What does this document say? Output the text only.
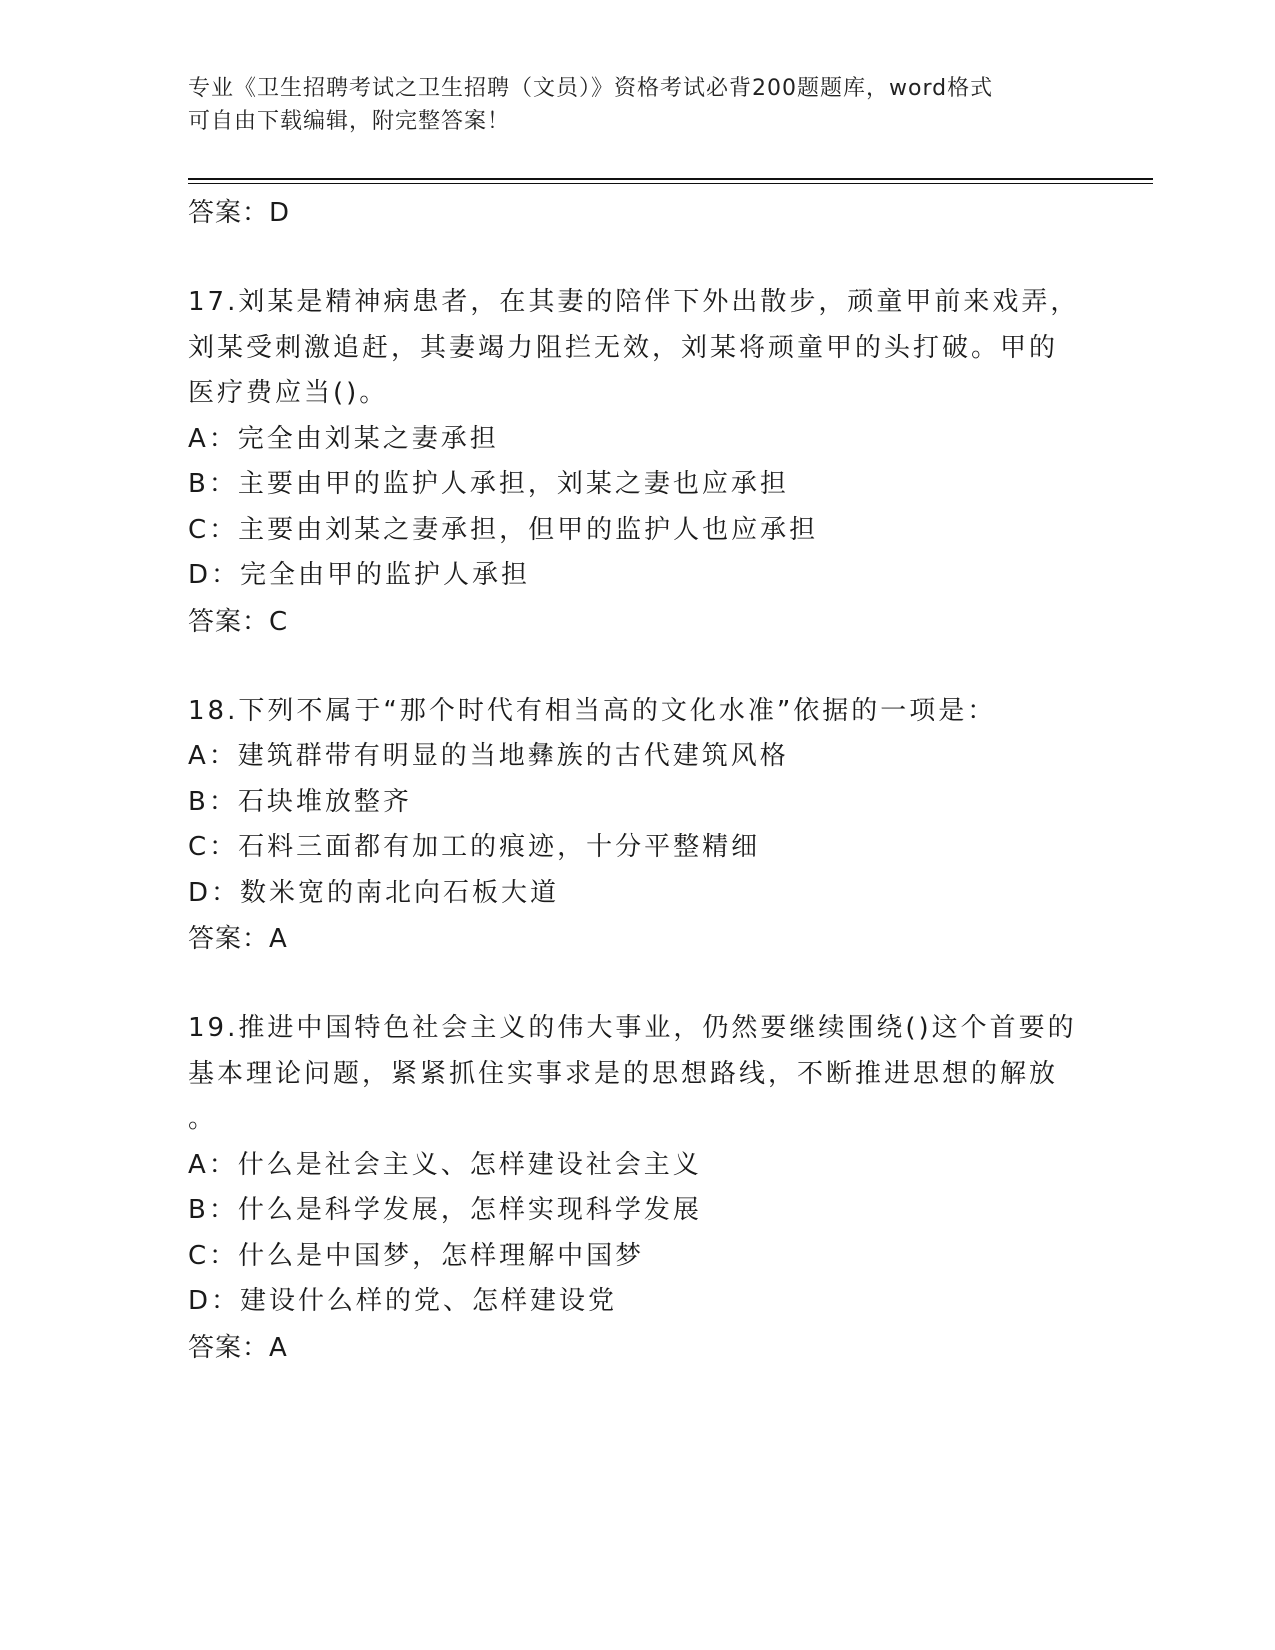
专业《卫生招聘考试之卫生招聘（文员）》资格考试必背200题题库，word格式
可自由下载编辑，附完整答案！
答案：D
17.刘某是精神病患者，在其妻的陪伴下外出散步，顽童甲前来戏弄，
刘某受刺激追赶，其妻竭力阻拦无效，刘某将顽童甲的头打破。甲的
医疗费应当()。
A：完全由刘某之妻承担
B：主要由甲的监护人承担，刘某之妻也应承担
C：主要由刘某之妻承担，但甲的监护人也应承担
D：完全由甲的监护人承担
答案：C
18.下列不属于“那个时代有相当高的文化水准”依据的一项是：
A：建筑群带有明显的当地彝族的古代建筑风格
B：石块堆放整齐
C：石料三面都有加工的痕迹，十分平整精细
D：数米宽的南北向石板大道
答案：A
19.推进中国特色社会主义的伟大事业，仍然要继续围绕()这个首要的
基本理论问题，紧紧抓住实事求是的思想路线，不断推进思想的解放
。
A：什么是社会主义、怎样建设社会主义
B：什么是科学发展，怎样实现科学发展
C：什么是中国梦，怎样理解中国梦
D：建设什么样的党、怎样建设党
答案：A
